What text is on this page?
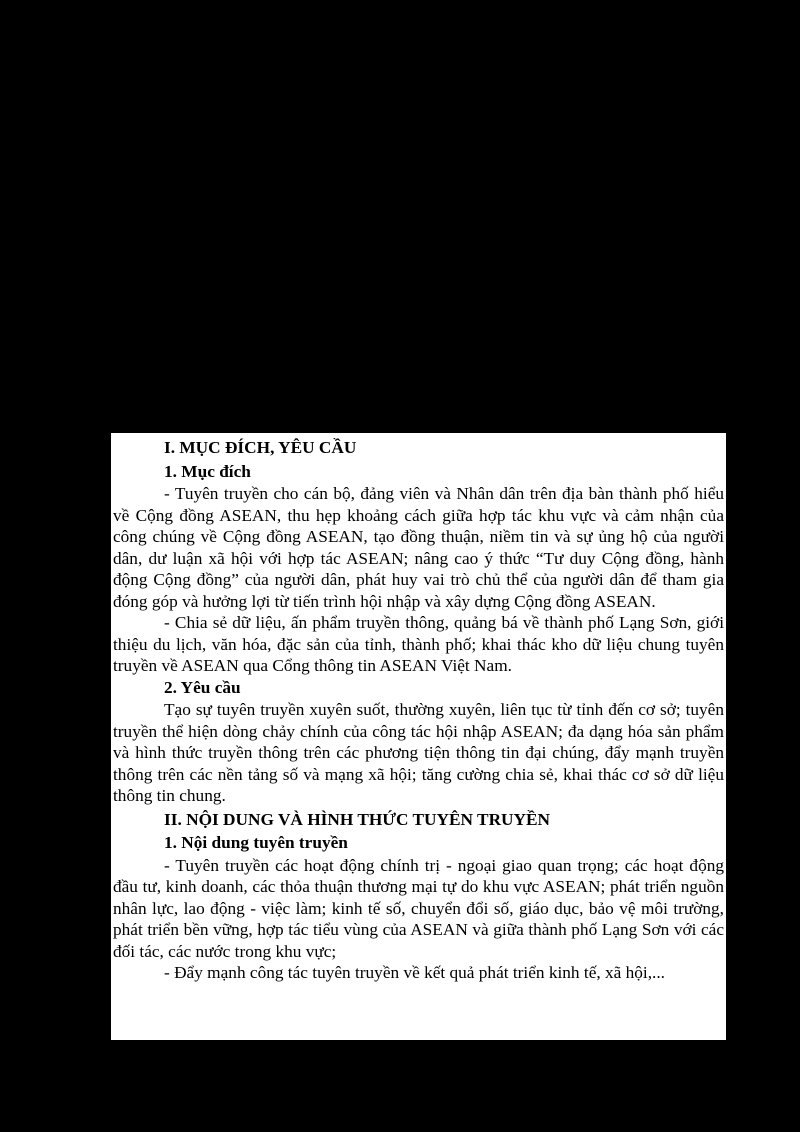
I. MỤC ĐÍCH, YÊU CẦU

1. Mục đích

- Tuyên truyền cho cán bộ, đảng viên và Nhân dân trên địa bàn thành phố hiểu về Cộng đồng ASEAN, thu hẹp khoảng cách giữa hợp tác khu vực và cảm nhận của công chúng về Cộng đồng ASEAN, tạo đồng thuận, niềm tin và sự ủng hộ của người dân, dư luận xã hội với hợp tác ASEAN; nâng cao ý thức “Tư duy Cộng đồng, hành động Cộng đồng” của người dân, phát huy vai trò chủ thể của người dân để tham gia đóng góp và hưởng lợi từ tiến trình hội nhập và xây dựng Cộng đồng ASEAN.

- Chia sẻ dữ liệu, ấn phẩm truyền thông, quảng bá về thành phố Lạng Sơn, giới thiệu du lịch, văn hóa, đặc sản của tỉnh, thành phố; khai thác kho dữ liệu chung tuyên truyền về ASEAN qua Cổng thông tin ASEAN Việt Nam.

2. Yêu cầu

Tạo sự tuyên truyền xuyên suốt, thường xuyên, liên tục từ tỉnh đến cơ sở; tuyên truyền thể hiện dòng chảy chính của công tác hội nhập ASEAN; đa dạng hóa sản phẩm và hình thức truyền thông trên các phương tiện thông tin đại chúng, đẩy mạnh truyền thông trên các nền tảng số và mạng xã hội; tăng cường chia sẻ, khai thác cơ sở dữ liệu thông tin chung.

II. NỘI DUNG VÀ HÌNH THỨC TUYÊN TRUYỀN

1. Nội dung tuyên truyền

- Tuyên truyền các hoạt động chính trị - ngoại giao quan trọng; các hoạt động đầu tư, kinh doanh, các thỏa thuận thương mại tự do khu vực ASEAN; phát triển nguồn nhân lực, lao động - việc làm; kinh tế số, chuyển đổi số, giáo dục, bảo vệ môi trường, phát triển bền vững, hợp tác tiểu vùng của ASEAN và giữa thành phố Lạng Sơn với các đối tác, các nước trong khu vực;

- Đẩy mạnh công tác tuyên truyền về kết quả phát triển kinh tế, xã hội,...
